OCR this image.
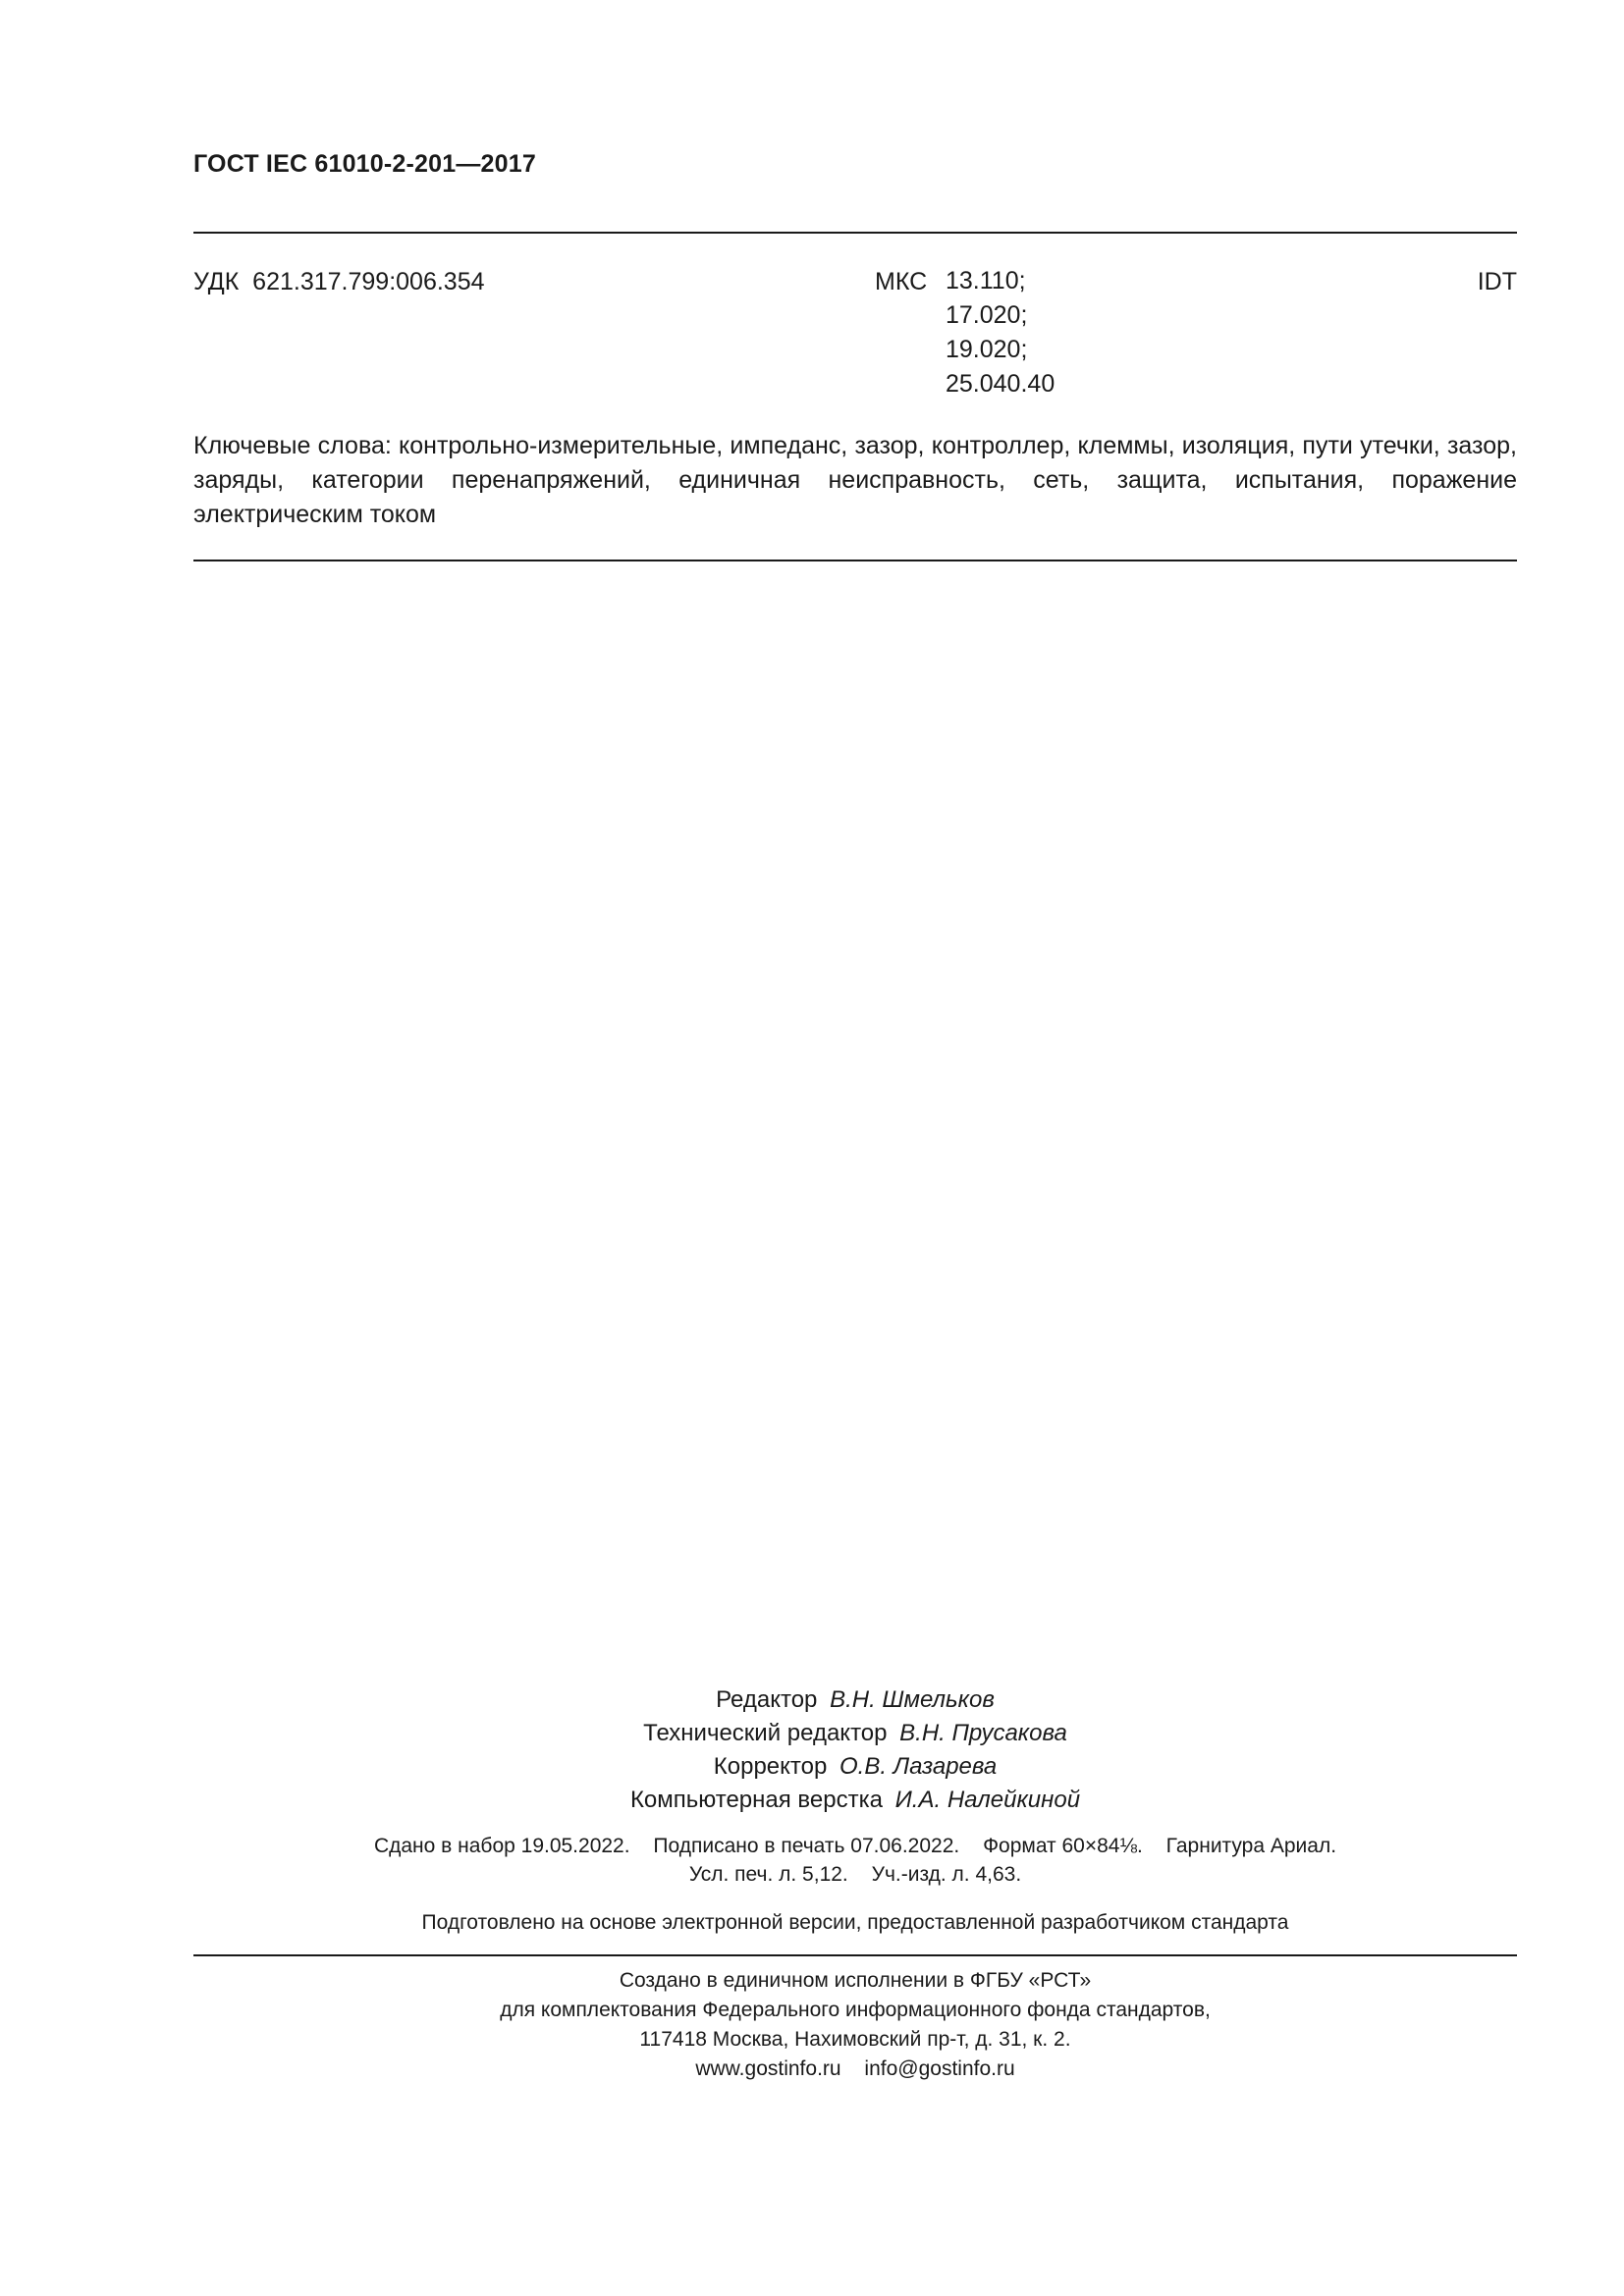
ГОСТ IEC 61010-2-201—2017
УДК 621.317.799:006.354	МКС 13.110;
17.020;
19.020;
25.040.40
IDT
Ключевые слова: контрольно-измерительные, импеданс, зазор, контроллер, клеммы, изоляция, пути утечки, зазор, заряды, категории перенапряжений, единичная неисправность, сеть, защита, испытания, поражение электрическим током
Редактор В.Н. Шмельков
Технический редактор В.Н. Прусакова
Корректор О.В. Лазарева
Компьютерная верстка И.А. Налейкиной
Сдано в набор 19.05.2022. Подписано в печать 07.06.2022. Формат 60×84⅛. Гарнитура Ариал.
Усл. печ. л. 5,12. Уч.-изд. л. 4,63.
Подготовлено на основе электронной версии, предоставленной разработчиком стандарта
Создано в единичном исполнении в ФГБУ «РСТ»
для комплектования Федерального информационного фонда стандартов,
117418 Москва, Нахимовский пр-т, д. 31, к. 2.
www.gostinfo.ru info@gostinfo.ru
